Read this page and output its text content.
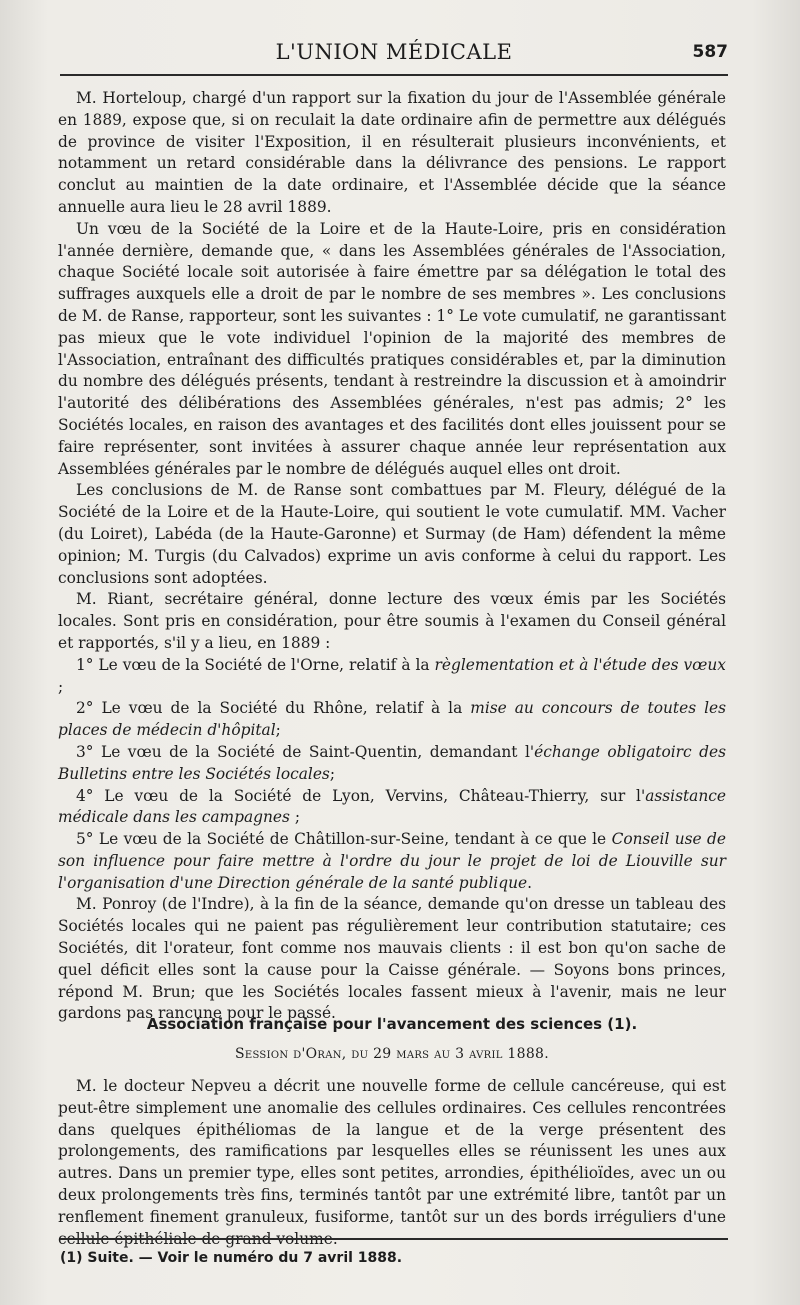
L'UNION MÉDICALE	587

M. Horteloup, chargé d'un rapport sur la fixation du jour de l'Assemblée générale en 1889, expose que, si on reculait la date ordinaire afin de permettre aux délégués de province de visiter l'Exposition, il en résulterait plusieurs inconvénients, et notamment un retard considérable dans la délivrance des pensions. Le rapport conclut au maintien de la date ordinaire, et l'Assemblée décide que la séance annuelle aura lieu le 28 avril 1889.

Un vœu de la Société de la Loire et de la Haute-Loire, pris en considération l'année dernière, demande que, « dans les Assemblées générales de l'Association, chaque Société locale soit autorisée à faire émettre par sa délégation le total des suffrages auxquels elle a droit de par le nombre de ses membres ». Les conclusions de M. de Ranse, rapporteur, sont les suivantes : 1° Le vote cumulatif, ne garantissant pas mieux que le vote individuel l'opinion de la majorité des membres de l'Association, entraînant des difficultés pratiques considérables et, par la diminution du nombre des délégués présents, tendant à restreindre la discussion et à amoindrir l'autorité des délibérations des Assemblées générales, n'est pas admis; 2° les Sociétés locales, en raison des avantages et des facilités dont elles jouissent pour se faire représenter, sont invitées à assurer chaque année leur représentation aux Assemblées générales par le nombre de délégués auquel elles ont droit.

Les conclusions de M. de Ranse sont combattues par M. Fleury, délégué de la Société de la Loire et de la Haute-Loire, qui soutient le vote cumulatif. MM. Vacher (du Loiret), Labéda (de la Haute-Garonne) et Surmay (de Ham) défendent la même opinion; M. Turgis (du Calvados) exprime un avis conforme à celui du rapport. Les conclusions sont adoptées.

M. Riant, secrétaire général, donne lecture des vœux émis par les Sociétés locales. Sont pris en considération, pour être soumis à l'examen du Conseil général et rapportés, s'il y a lieu, en 1889 :

1° Le vœu de la Société de l'Orne, relatif à la règlementation et à l'étude des vœux ;

2° Le vœu de la Société du Rhône, relatif à la mise au concours de toutes les places de médecin d'hôpital;

3° Le vœu de la Société de Saint-Quentin, demandant l'échange obligatoirc des Bulletins entre les Sociétés locales;

4° Le vœu de la Société de Lyon, Vervins, Château-Thierry, sur l'assistance médicale dans les campagnes ;

5° Le vœu de la Société de Châtillon-sur-Seine, tendant à ce que le Conseil use de son influence pour faire mettre à l'ordre du jour le projet de loi de Liouville sur l'organisation d'une Direction générale de la santé publique.

M. Ponroy (de l'Indre), à la fin de la séance, demande qu'on dresse un tableau des Sociétés locales qui ne paient pas régulièrement leur contribution statutaire; ces Sociétés, dit l'orateur, font comme nos mauvais clients : il est bon qu'on sache de quel déficit elles sont la cause pour la Caisse générale. — Soyons bons princes, répond M. Brun; que les Sociétés locales fassent mieux à l'avenir, mais ne leur gardons pas rancune pour le passé.

Association française pour l'avancement des sciences (1).
Session d'Oran, du 29 mars au 3 avril 1888.

M. le docteur Nepveu a décrit une nouvelle forme de cellule cancéreuse, qui est peut-être simplement une anomalie des cellules ordinaires. Ces cellules rencontrées dans quelques épithéliomas de la langue et de la verge présentent des prolongements, des ramifications par lesquelles elles se réunissent les unes aux autres. Dans un premier type, elles sont petites, arrondies, épithélioïdes, avec un ou deux prolongements très fins, terminés tantôt par une extrémité libre, tantôt par un renflement finement granuleux, fusiforme, tantôt sur un des bords irréguliers d'une cellule épithéliale de grand volume.

(1) Suite. — Voir le numéro du 7 avril 1888.
